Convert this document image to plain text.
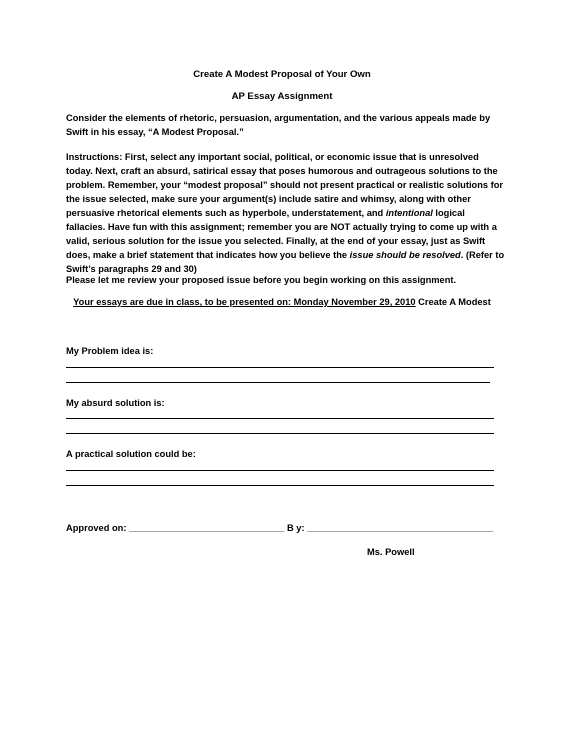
Create A Modest Proposal of Your Own
AP Essay Assignment
Consider the elements of rhetoric, persuasion, argumentation, and the various appeals made by Swift in his essay, “A Modest Proposal.”
Instructions: First, select any important social, political, or economic issue that is unresolved today. Next, craft an absurd, satirical essay that poses humorous and outrageous solutions to the problem. Remember, your “modest proposal” should not present practical or realistic solutions for the issue selected, make sure your argument(s) include satire and whimsy, along with other persuasive rhetorical elements such as hyperbole, understatement, and intentional logical fallacies. Have fun with this assignment; remember you are NOT actually trying to come up with a valid, serious solution for the issue you selected. Finally, at the end of your essay, just as Swift does, make a brief statement that indicates how you believe the issue should be resolved. (Refer to Swift’s paragraphs 29 and 30)
Please let me review your proposed issue before you begin working on this assignment.
Your essays are due in class, to be presented on: Monday November 29, 2010 Create A Modest
My Problem idea is:
My absurd solution is:
A practical solution could be:
Approved on: ______________________________ B y: ____________________________________
Ms. Powell
